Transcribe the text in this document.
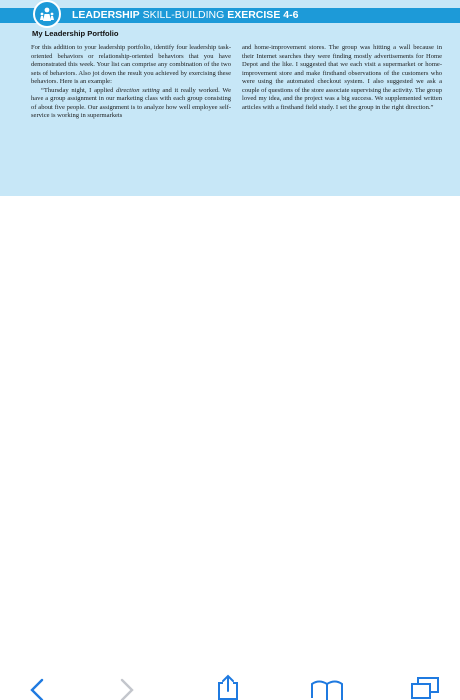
LEADERSHIP SKILL-BUILDING EXERCISE 4-6
My Leadership Portfolio

For this addition to your leadership portfolio, identify four leadership task-oriented behaviors or relationship-oriented behaviors that you have demonstrated this week. Your list can comprise any combination of the two sets of behaviors. Also jot down the result you achieved by exercising these behaviors. Here is an example:

“Thursday night, I applied direction setting and it really worked. We have a group assignment in our marketing class with each group consisting of about five people. Our assignment is to analyze how well employee self-service is working in supermarkets

and home-improvement stores. The group was hitting a wall because in their Internet searches they were finding mostly advertisements for Home Depot and the like. I suggested that we each visit a supermarket or home-improvement store and make firsthand observations of the customers who were using the automated checkout system. I also suggested we ask a couple of questions of the store associate supervising the activity. The group loved my idea, and the project was a big success. We supplemented written articles with a firsthand field study. I set the group in the right direction.”
